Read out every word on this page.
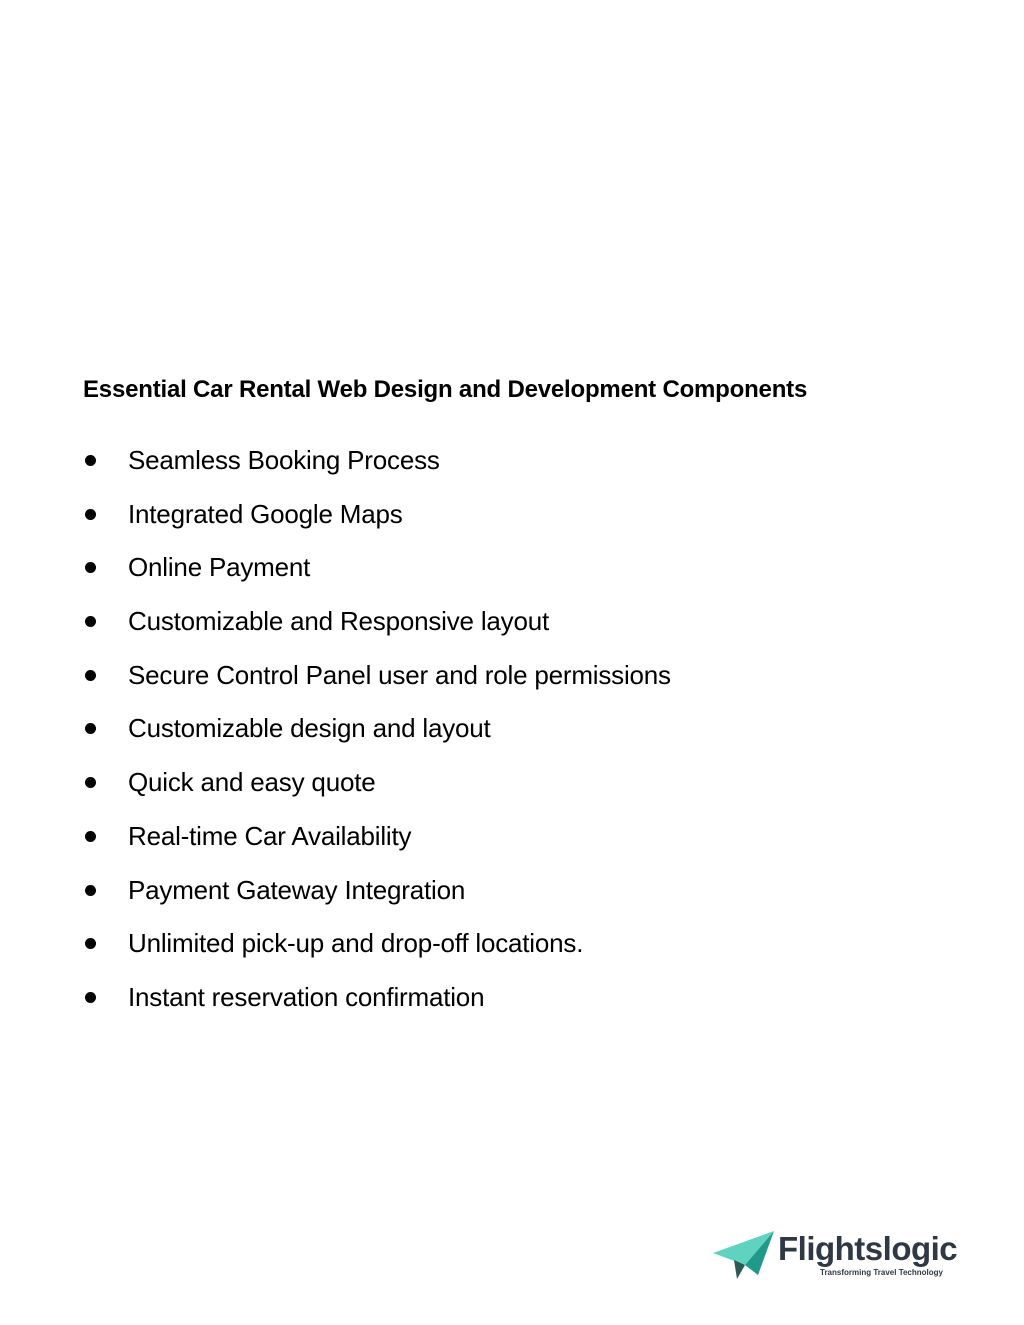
Essential Car Rental Web Design and Development Components
Seamless Booking Process
Integrated Google Maps
Online Payment
Customizable and Responsive layout
Secure Control Panel user and role permissions
Customizable design and layout
Quick and easy quote
Real-time Car Availability
Payment Gateway Integration
Unlimited pick-up and drop-off locations.
Instant reservation confirmation
Flightslogic
Transforming Travel Technology
